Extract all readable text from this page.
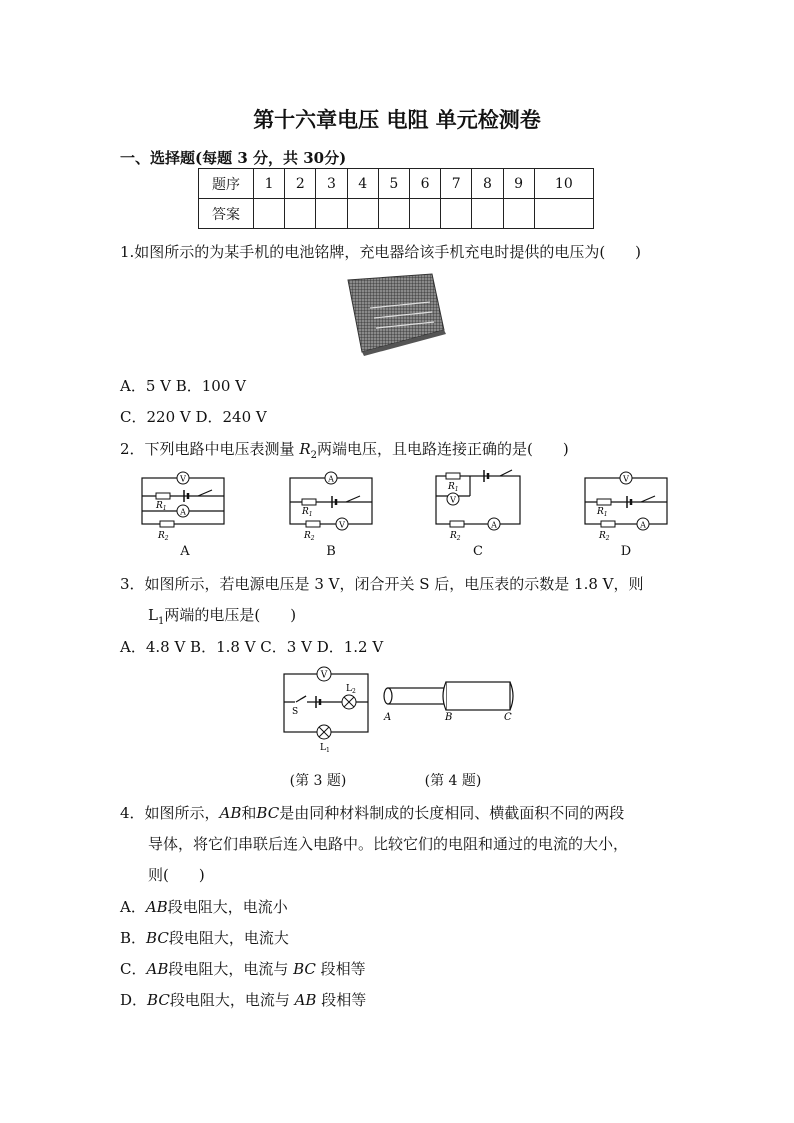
第十六章电压 电阻 单元检测卷
一、选择题(每题 3 分，共 30分)
题序	1	2	3	4	5	6	7	8	9	10
答案										
1.如图所示的为某手机的电池铭牌，充电器给该手机充电时提供的电压为(　　)
A．5 V B．100 V
C．220 V D．240 V
2．下列电路中电压表测量 $R_2$两端电压，且电路连接正确的是(　　)
V
A
$R_1$
$R_2$
A
A
V
$R_1$
$R_2$
B
V
A
$R_1$
$R_2$
C
V
A
$R_1$
$R_2$
D
3．如图所示，若电源电压是 3 V，闭合开关 S 后，电压表的示数是 1.8 V，则
$L_1$两端的电压是(　　)
A．4.8 V B．1.8 V C．3 V D．1.2 V
V
S
$L_2$
$L_1$
A	B	C
(第 3 题)	(第 4 题)
4．如图所示，AB和BC是由同种材料制成的长度相同、横截面积不同的两段
导体，将它们串联后连入电路中。比较它们的电阻和通过的电流的大小，
则(　　)
A．AB段电阻大，电流小
B．BC段电阻大，电流大
C．AB段电阻大，电流与 BC 段相等
D．BC段电阻大，电流与 AB 段相等
